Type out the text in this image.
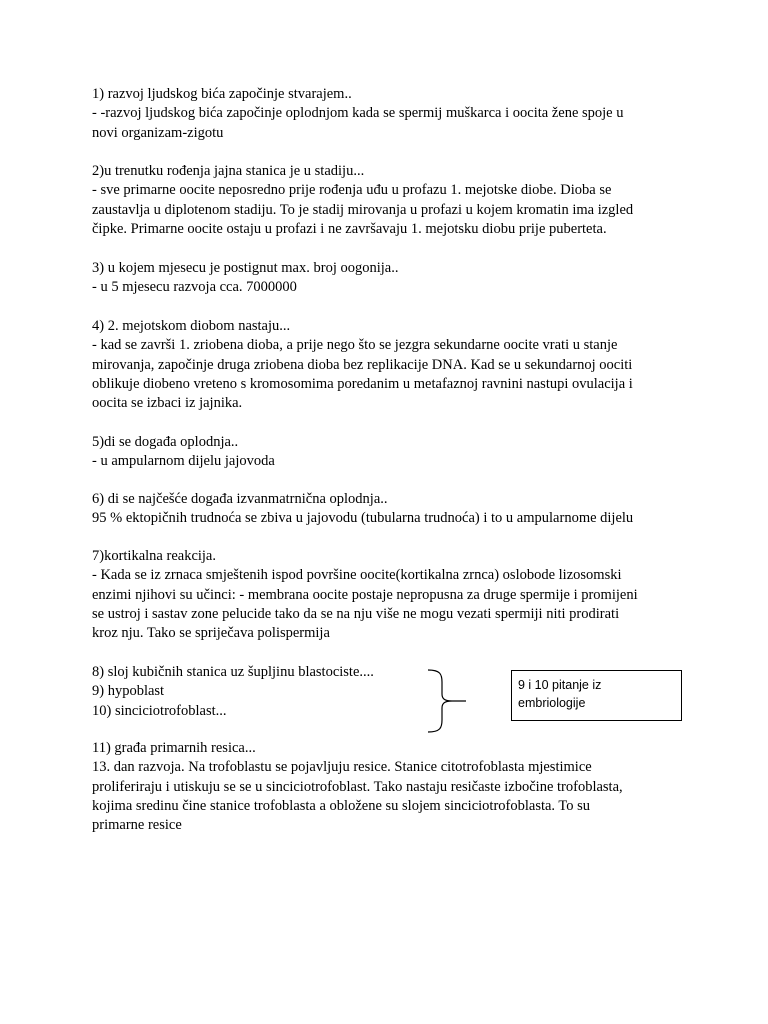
1) razvoj ljudskog bića započinje stvarajem..
- -razvoj ljudskog bića započinje oplodnjom kada se spermij muškarca i oocita žene spoje u
novi organizam-zigotu
2)u trenutku rođenja jajna stanica je u stadiju...
- sve primarne oocite neposredno prije rođenja uđu u profazu 1. mejotske diobe. Dioba se
zaustavlja u diplotenom stadiju. To je stadij mirovanja u profazi u kojem kromatin ima izgled
čipke. Primarne oocite ostaju u profazi i ne završavaju 1. mejotsku diobu prije puberteta.
3) u kojem mjesecu je postignut max. broj oogonija..
- u 5 mjesecu razvoja cca. 7000000
4) 2. mejotskom diobom nastaju...
- kad se završi 1. zriobena dioba, a prije nego što se jezgra sekundarne oocite vrati u stanje
mirovanja, započinje druga zriobena dioba bez replikacije DNA. Kad se u sekundarnoj oociti
oblikuje diobeno vreteno s kromosomima poredanim u metafaznoj ravnini nastupi ovulacija i
oocita se izbaci iz jajnika.
5)di se događa oplodnja..
- u ampularnom dijelu jajovoda
6) di se najčešće događa izvanmatrnična oplodnja..
95 % ektopičnih trudnoća se zbiva u jajovodu (tubularna trudnoća) i to u ampularnome dijelu
7)kortikalna reakcija.
- Kada se iz zrnaca smještenih ispod površine oocite(kortikalna zrnca) oslobode lizosomski
enzimi njihovi su učinci: - membrana oocite postaje nepropusna za druge spermije i promijeni
se ustroj i sastav zone pelucide tako da se na nju više ne mogu vezati spermiji niti prodirati
kroz nju. Tako se spriječava polispermija
8) sloj kubičnih stanica uz šupljinu blastociste....
9) hypoblast
10) sinciciotrofoblast...
9 i 10 pitanje iz
embriologije
11) građa primarnih resica...
13. dan razvoja. Na trofoblastu se pojavljuju resice. Stanice citotrofoblasta mjestimice
proliferiraju i utiskuju se se u sinciciotrofoblast. Tako nastaju resičaste izbočine trofoblasta,
kojima sredinu čine stanice trofoblasta a obložene su slojem sinciciotrofoblasta. To su
primarne resice
